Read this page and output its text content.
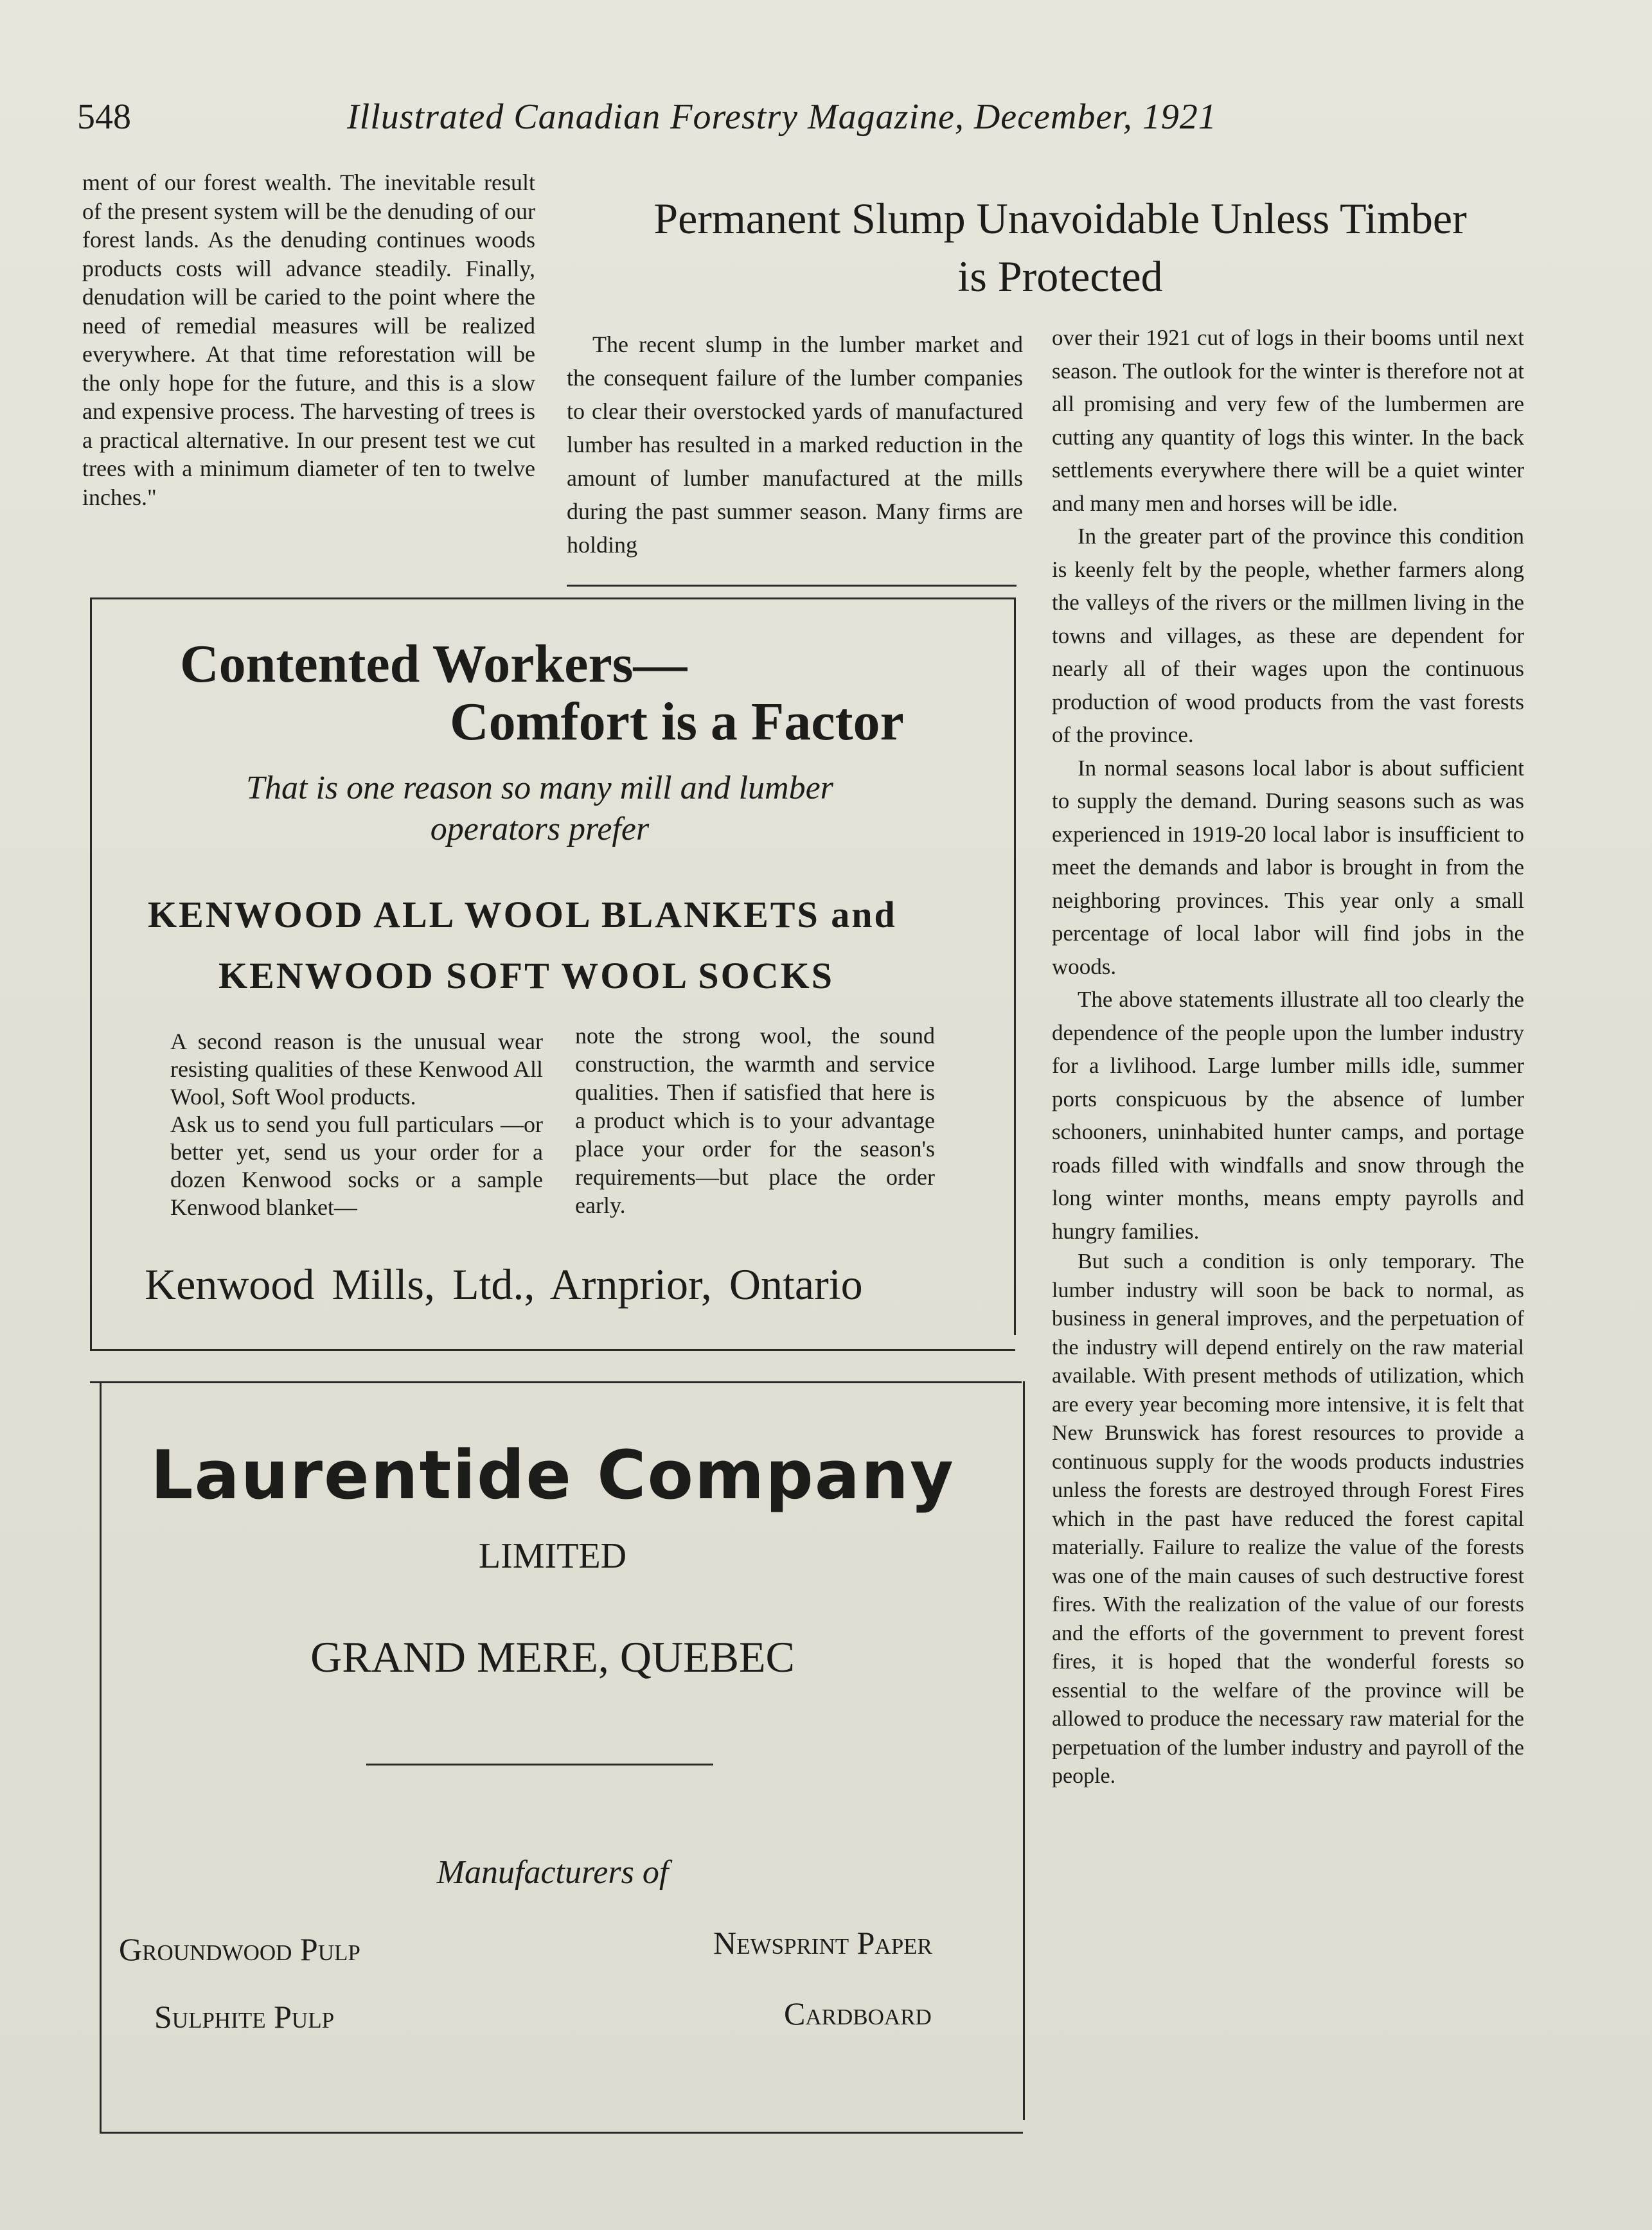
548	Illustrated Canadian Forestry Magazine, December, 1921

ment of our forest wealth. The inevitable result of the present system will be the denuding of our forest lands. As the denuding continues woods products costs will advance steadily. Finally, denudation will be caried to the point where the need of remedial measures will be realized everywhere. At that time reforestation will be the only hope for the future, and this is a slow and expensive process. The harvesting of trees is a practical alternative. In our present test we cut trees with a minimum diameter of ten to twelve inches."

Permanent Slump Unavoidable Unless Timber
is Protected
The recent slump in the lumber market and the consequent failure of the lumber companies to clear their overstocked yards of manufactured lumber has resulted in a marked reduction in the amount of lumber manufactured at the mills during the past summer season. Many firms are holding

over their 1921 cut of logs in their booms until next season. The outlook for the winter is therefore not at all promising and very few of the lumbermen are cutting any quantity of logs this winter. In the back settlements everywhere there will be a quiet winter and many men and horses will be idle.

In the greater part of the province this condition is keenly felt by the people, whether farmers along the valleys of the rivers or the millmen living in the towns and villages, as these are dependent for nearly all of their wages upon the continuous production of wood products from the vast forests of the province.

In normal seasons local labor is about sufficient to supply the demand. During seasons such as was experienced in 1919-20 local labor is insufficient to meet the demands and labor is brought in from the neighboring provinces. This year only a small percentage of local labor will find jobs in the woods.

The above statements illustrate all too clearly the dependence of the people upon the lumber industry for a livlihood. Large lumber mills idle, summer ports conspicuous by the absence of lumber schooners, uninhabited hunter camps, and portage roads filled with windfalls and snow through the long winter months, means empty payrolls and hungry families.

But such a condition is only temporary. The lumber industry will soon be back to normal, as business in general improves, and the perpetuation of the industry will depend entirely on the raw material available. With present methods of utilization, which are every year becoming more intensive, it is felt that New Brunswick has forest resources to provide a continuous supply for the woods products industries unless the forests are destroyed through Forest Fires which in the past have reduced the forest capital materially. Failure to realize the value of the forests was one of the main causes of such destructive forest fires. With the realization of the value of our forests and the efforts of the government to prevent forest fires, it is hoped that the wonderful forests so essential to the welfare of the province will be allowed to produce the necessary raw material for the perpetuation of the lumber industry and payroll of the people.

Contented Workers—
Comfort is a Factor
That is one reason so many mill and lumber operators prefer
KENWOOD ALL WOOL BLANKETS and
KENWOOD SOFT WOOL SOCKS

A second reason is the unusual wear resisting qualities of these Kenwood All Wool, Soft Wool products.

Ask us to send you full particulars —or better yet, send us your order for a dozen Kenwood socks or a sample Kenwood blanket—

note the strong wool, the sound construction, the warmth and service qualities. Then if satisfied that here is a product which is to your advantage place your order for the season's requirements—but place the order early.

Kenwood Mills, Ltd., Arnprior, Ontario
Laurentide Company
LIMITED
GRAND MERE, QUEBEC
Manufacturers of
Groundwood Pulp	Newsprint Paper
Sulphite Pulp	Cardboard
